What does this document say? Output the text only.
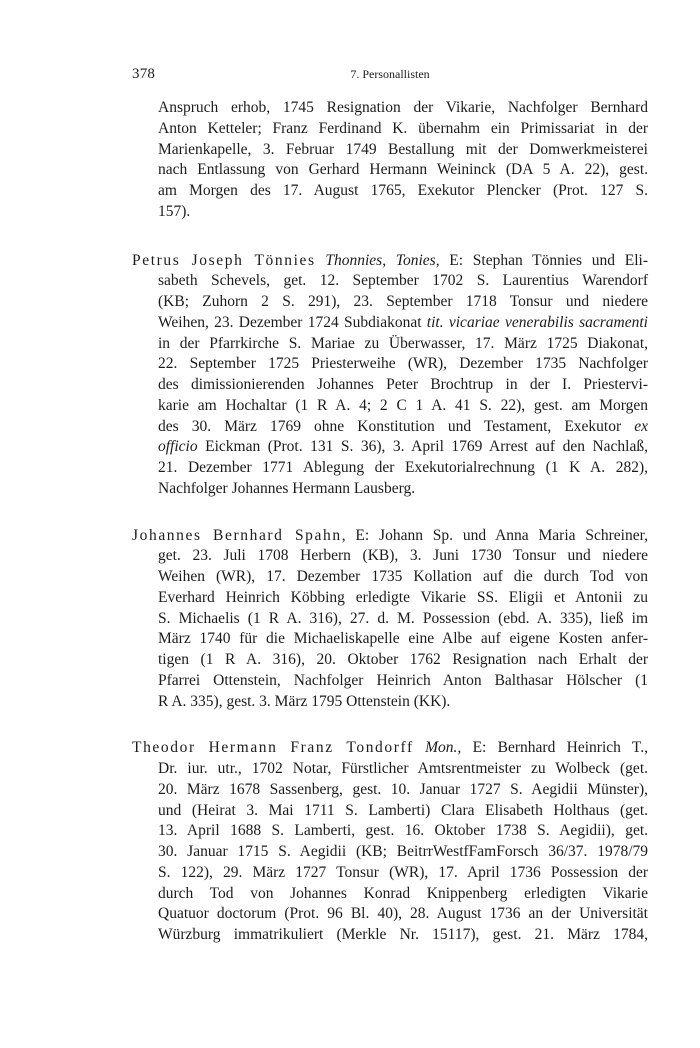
378	7. Personallisten
Anspruch erhob, 1745 Resignation der Vikarie, Nachfolger Bernhard
Anton Ketteler; Franz Ferdinand K. übernahm ein Primissariat in der
Marienkapelle, 3. Februar 1749 Bestallung mit der Domwerkmeisterei
nach Entlassung von Gerhard Hermann Weininck (DA 5 A. 22), gest.
am Morgen des 17. August 1765, Exekutor Plencker (Prot. 127 S.
157).
Petrus Joseph Tönnies Thonnies, Tonies, E: Stephan Tönnies und Eli-
sabeth Schevels, get. 12. September 1702 S. Laurentius Warendorf
(KB; Zuhorn 2 S. 291), 23. September 1718 Tonsur und niedere
Weihen, 23. Dezember 1724 Subdiakonat tit. vicariae venerabilis sacramenti
in der Pfarrkirche S. Mariae zu Überwasser, 17. März 1725 Diakonat,
22. September 1725 Priesterweihe (WR), Dezember 1735 Nachfolger
des dimissionierenden Johannes Peter Brochtrup in der I. Priestervi-
karie am Hochaltar (1 R A. 4; 2 C 1 A. 41 S. 22), gest. am Morgen
des 30. März 1769 ohne Konstitution und Testament, Exekutor ex
officio Eickman (Prot. 131 S. 36), 3. April 1769 Arrest auf den Nachlaß,
21. Dezember 1771 Ablegung der Exekutorialrechnung (1 K A. 282),
Nachfolger Johannes Hermann Lausberg.
Johannes Bernhard Spahn, E: Johann Sp. und Anna Maria Schreiner,
get. 23. Juli 1708 Herbern (KB), 3. Juni 1730 Tonsur und niedere
Weihen (WR), 17. Dezember 1735 Kollation auf die durch Tod von
Everhard Heinrich Köbbing erledigte Vikarie SS. Eligii et Antonii zu
S. Michaelis (1 R A. 316), 27. d. M. Possession (ebd. A. 335), ließ im
März 1740 für die Michaeliskapelle eine Albe auf eigene Kosten anfer-
tigen (1 R A. 316), 20. Oktober 1762 Resignation nach Erhalt der
Pfarrei Ottenstein, Nachfolger Heinrich Anton Balthasar Hölscher (1
R A. 335), gest. 3. März 1795 Ottenstein (KK).
Theodor Hermann Franz Tondorff Mon., E: Bernhard Heinrich T.,
Dr. iur. utr., 1702 Notar, Fürstlicher Amtsrentmeister zu Wolbeck (get.
20. März 1678 Sassenberg, gest. 10. Januar 1727 S. Aegidii Münster),
und (Heirat 3. Mai 1711 S. Lamberti) Clara Elisabeth Holthaus (get.
13. April 1688 S. Lamberti, gest. 16. Oktober 1738 S. Aegidii), get.
30. Januar 1715 S. Aegidii (KB; BeitrrWestfFamForsch 36/37. 1978/79
S. 122), 29. März 1727 Tonsur (WR), 17. April 1736 Possession der
durch Tod von Johannes Konrad Knippenberg erledigten Vikarie
Quatuor doctorum (Prot. 96 Bl. 40), 28. August 1736 an der Universität
Würzburg immatrikuliert (Merkle Nr. 15117), gest. 21. März 1784,
